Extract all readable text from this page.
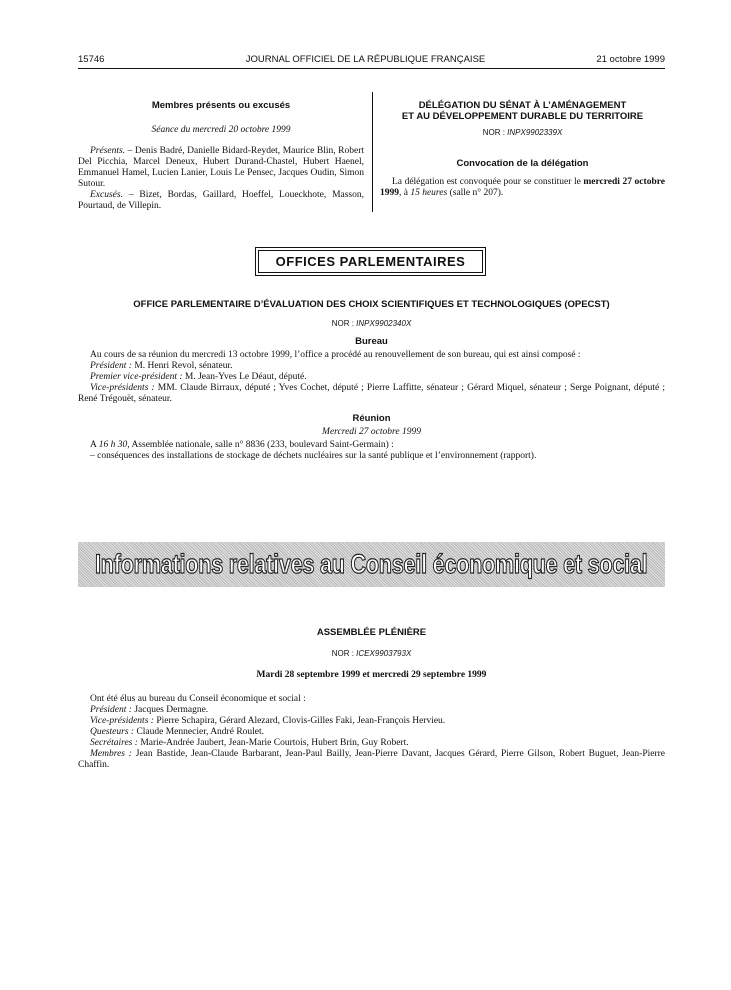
15746	JOURNAL OFFICIEL DE LA RÉPUBLIQUE FRANÇAISE	21 octobre 1999
Membres présents ou excusés
Séance du mercredi 20 octobre 1999
Présents. – Denis Badré, Danielle Bidard-Reydet, Maurice Blin, Robert Del Picchia, Marcel Deneux, Hubert Durand-Chastel, Hubert Haenel, Emmanuel Hamel, Lucien Lanier, Louis Le Pensec, Jacques Oudin, Simon Sutour.
Excusés. – Bizet, Bordas, Gaillard, Hoeffel, Loueckhote, Masson, Pourtaud, de Villepin.
DÉLÉGATION DU SÉNAT À L’AMÉNAGEMENT
ET AU DÉVELOPPEMENT DURABLE DU TERRITOIRE
NOR : INPX9902339X
Convocation de la délégation
La délégation est convoquée pour se constituer le mercredi 27 octobre 1999, à 15 heures (salle n° 207).
OFFICES PARLEMENTAIRES
OFFICE PARLEMENTAIRE D’ÉVALUATION DES CHOIX SCIENTIFIQUES ET TECHNOLOGIQUES (OPECST)
NOR : INPX9902340X
Bureau
Au cours de sa réunion du mercredi 13 octobre 1999, l’office a procédé au renouvellement de son bureau, qui est ainsi composé :
Président : M. Henri Revol, sénateur.
Premier vice-président : M. Jean-Yves Le Déaut, député.
Vice-présidents : MM. Claude Birraux, député ; Yves Cochet, député ; Pierre Laffitte, sénateur ; Gérard Miquel, sénateur ; Serge Poignant, député ; René Trégouët, sénateur.
Réunion
Mercredi 27 octobre 1999
A 16 h 30, Assemblée nationale, salle n° 8836 (233, boulevard Saint-Germain) :
– conséquences des installations de stockage de déchets nucléaires sur la santé publique et l’environnement (rapport).
Informations relatives au Conseil économique et social
ASSEMBLÉE PLÉNIÈRE
NOR : ICEX9903793X
Mardi 28 septembre 1999 et mercredi 29 septembre 1999
Ont été élus au bureau du Conseil économique et social :
Président : Jacques Dermagne.
Vice-présidents : Pierre Schapira, Gérard Alezard, Clovis-Gilles Faki, Jean-François Hervieu.
Questeurs : Claude Mennecier, André Roulet.
Secrétaires : Marie-Andrée Jaubert, Jean-Marie Courtois, Hubert Brin, Guy Robert.
Membres : Jean Bastide, Jean-Claude Barbarant, Jean-Paul Bailly, Jean-Pierre Davant, Jacques Gérard, Pierre Gilson, Robert Buguet, Jean-Pierre Chaffin.
